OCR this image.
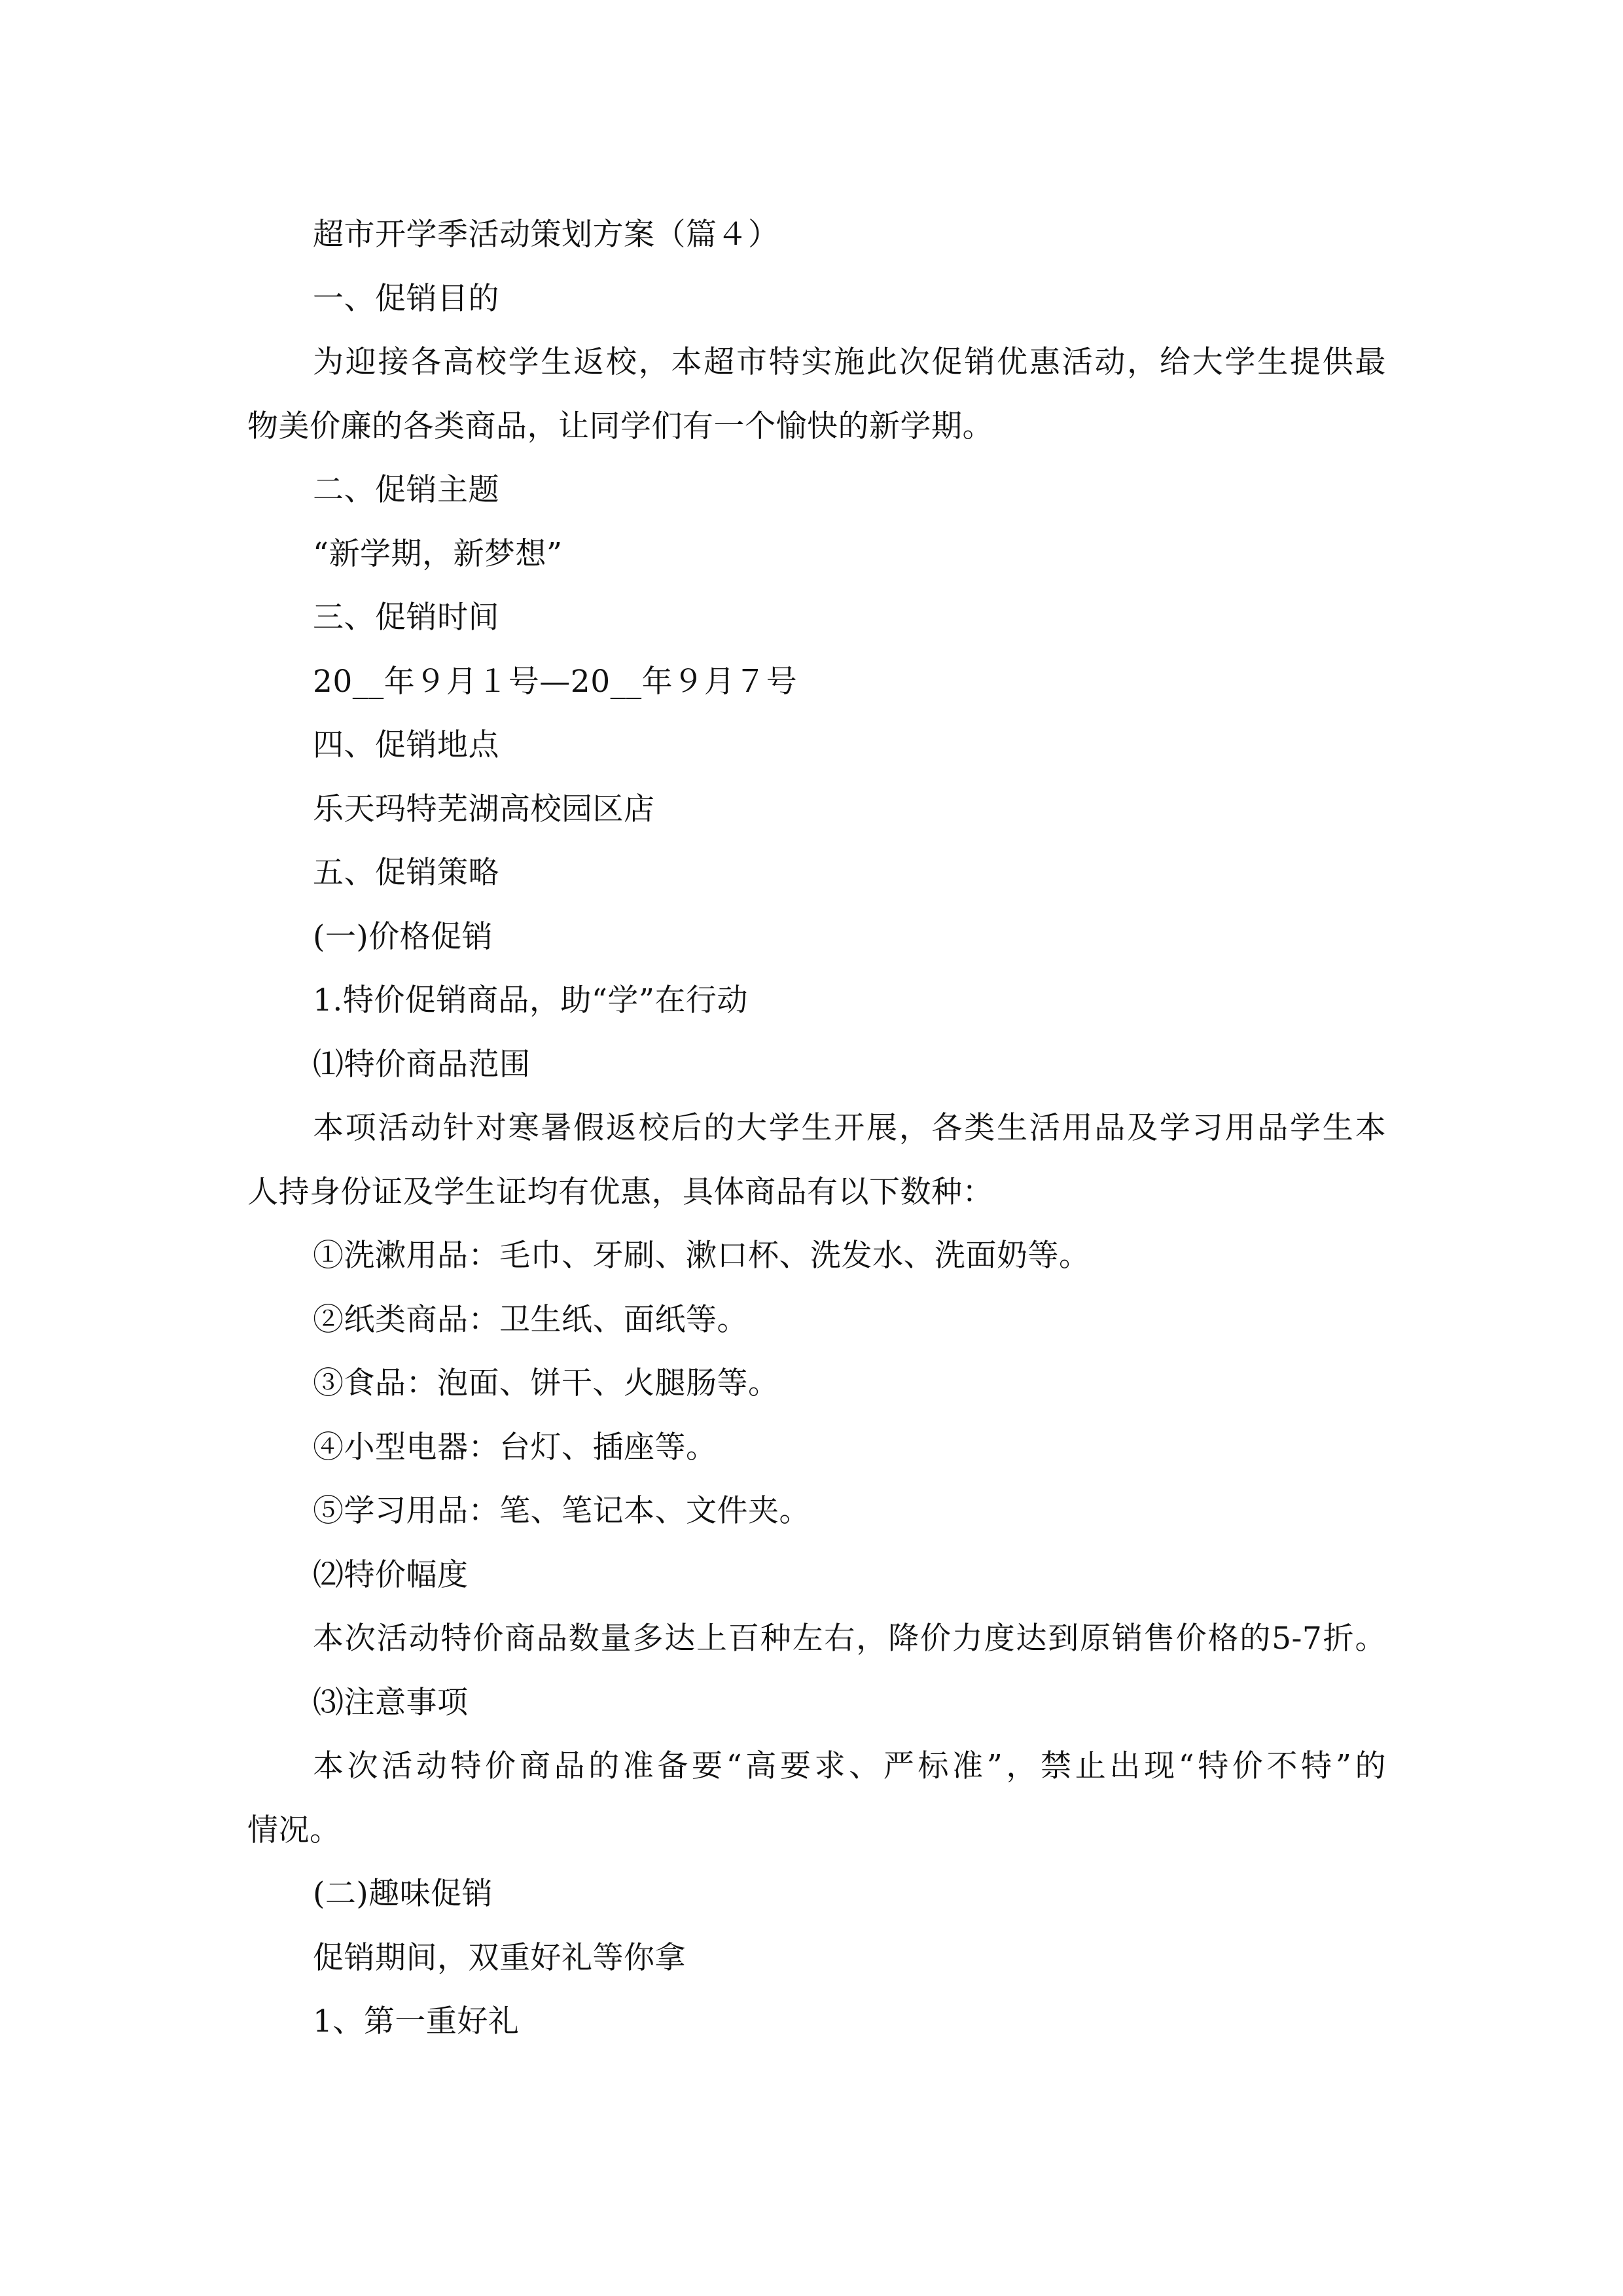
超市开学季活动策划方案（篇４）
一、促销目的
为迎接各高校学生返校，本超市特实施此次促销优惠活动，给大学生提供最
物美价廉的各类商品，让同学们有一个愉快的新学期。
二、促销主题
“新学期，新梦想”
三、促销时间
20__年９月１号—20__年９月７号
四、促销地点
乐天玛特芜湖高校园区店
五、促销策略
(一)价格促销
1.特价促销商品，助“学”在行动
⑴特价商品范围
本项活动针对寒暑假返校后的大学生开展，各类生活用品及学习用品学生本
人持身份证及学生证均有优惠，具体商品有以下数种：
①洗漱用品：毛巾、牙刷、漱口杯、洗发水、洗面奶等。
②纸类商品：卫生纸、面纸等。
③食品：泡面、饼干、火腿肠等。
④小型电器：台灯、插座等。
⑤学习用品：笔、笔记本、文件夹。
⑵特价幅度
本次活动特价商品数量多达上百种左右，降价力度达到原销售价格的5-7折。
⑶注意事项
本次活动特价商品的准备要“高要求、严标准”，禁止出现“特价不特”的
情况。
(二)趣味促销
促销期间，双重好礼等你拿
1、第一重好礼
